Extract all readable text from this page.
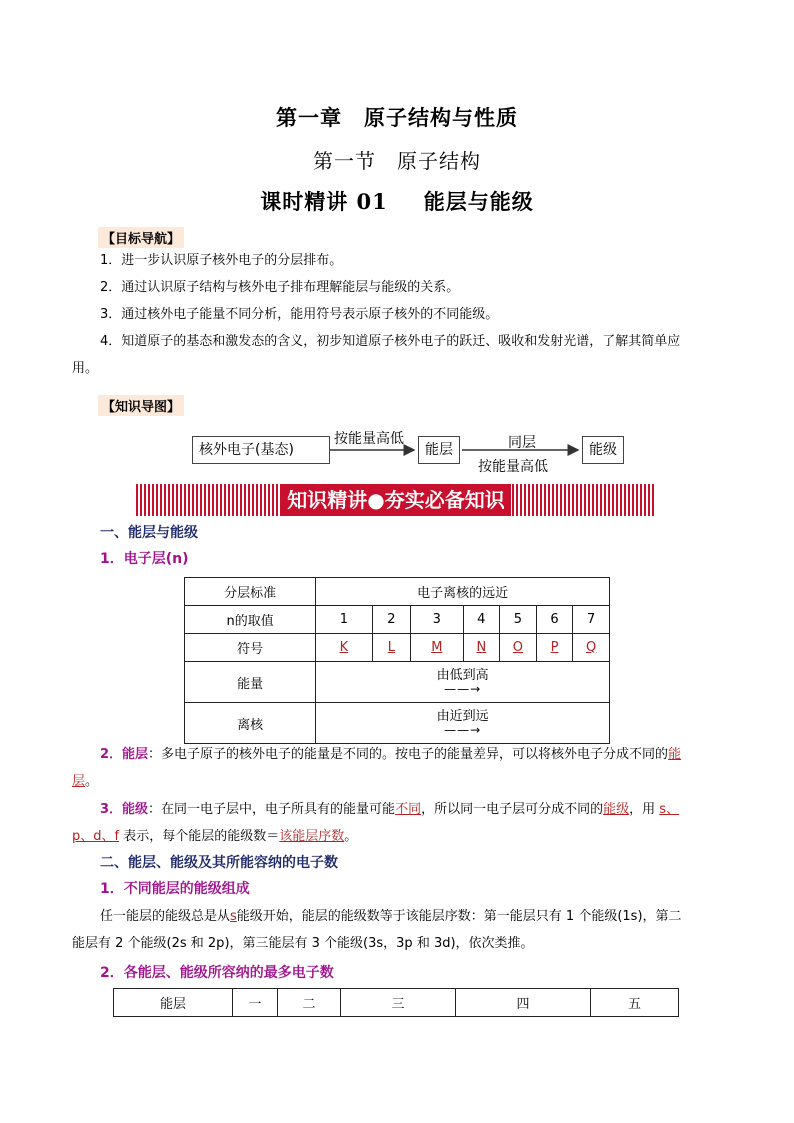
第一章　原子结构与性质
第一节　原子结构
课时精讲 01 能层与能级
【目标导航】
1．进一步认识原子核外电子的分层排布。
2．通过认识原子结构与核外电子排布理解能层与能级的关系。
3．通过核外电子能量不同分析，能用符号表示原子核外的不同能级。
4．知道原子的基态和激发态的含义，初步知道原子核外电子的跃迁、吸收和发射光谱，了解其简单应
用。
【知识导图】
核外电子(基态)
按能量高低
能层	同层
按能量高低
能级
知识精讲●夯实必备知识
一、能层与能级
1．电子层(n)
分层标准	电子离核的远近						
n的取值	1	2	3	4	5	6	7
符号	K	L	M	N	O	P	Q
能量	由低到高
——→						

离核	由近到远
——→						
2．能层：多电子原子的核外电子的能量是不同的。按电子的能量差异，可以将核外电子分成不同的能
层。
3．能级：在同一电子层中，电子所具有的能量可能不同，所以同一电子层可分成不同的能级，用 s、
p、d、f 表示，每个能层的能级数＝该能层序数。
二、能层、能级及其所能容纳的电子数
1．不同能层的能级组成
任一能层的能级总是从s能级开始，能层的能级数等于该能层序数：第一能层只有 1 个能级(1s)，第二
能层有 2 个能级(2s 和 2p)，第三能层有 3 个能级(3s，3p 和 3d)，依次类推。
2．各能层、能级所容纳的最多电子数
能层	一	二	三	四	五
